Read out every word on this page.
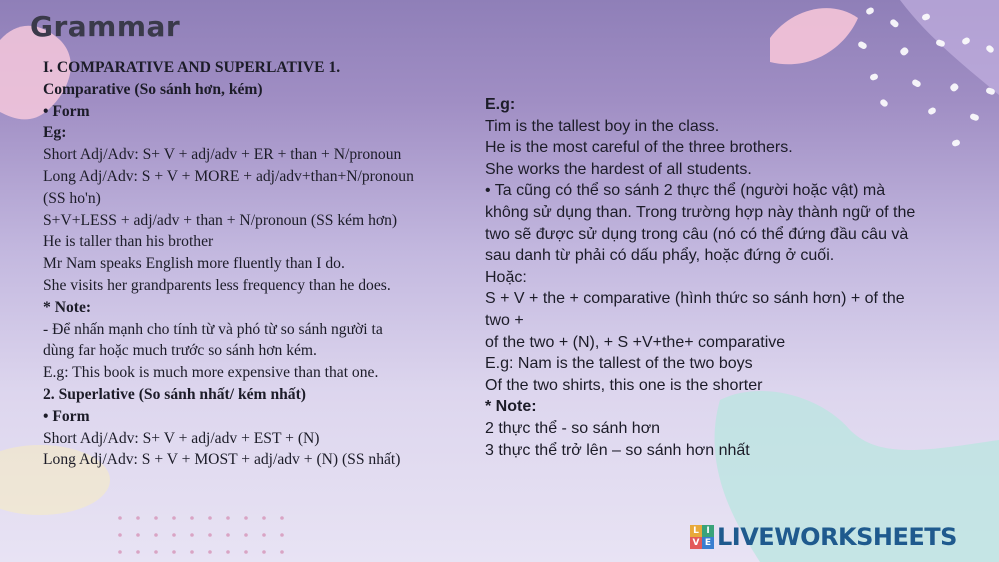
Grammar
I. COMPARATIVE AND SUPERLATIVE 1.
Comparative (So sánh hơn, kém)
• Form
Eg:
Short Adj/Adv: S+ V + adj/adv + ER + than + N/pronoun
Long Adj/Adv: S + V + MORE + adj/adv+than+N/pronoun
(SS ho'n)
S+V+LESS + adj/adv + than + N/pronoun (SS kém hơn)
He is taller than his brother
Mr Nam speaks English more fluently than I do.
She visits her grandparents less frequency than he does.
* Note:
- Để nhấn mạnh cho tính từ và phó từ so sánh người ta
dùng far hoặc much trước so sánh hơn kém.
E.g: This book is much more expensive than that one.
2. Superlative (So sánh nhất/ kém nhất)
• Form
Short Adj/Adv: S+ V + adj/adv + EST + (N)
Long Adj/Adv: S + V + MOST + adj/adv + (N) (SS nhất)
E.g:
Tim is the tallest boy in the class.
He is the most careful of the three brothers.
She works the hardest of all students.
• Ta cũng có thể so sánh 2 thực thể (người hoặc vật) mà
không sử dụng than. Trong trường hợp này thành ngữ of the
two sẽ được sử dụng trong câu (nó có thể đứng đầu câu và
sau danh từ phải có dấu phẩy, hoặc đứng ở cuối.
Hoặc:
S + V + the + comparative (hình thức so sánh hơn) + of the
two +
of the two + (N), + S +V+the+ comparative
E.g: Nam is the tallest of the two boys
Of the two shirts, this one is the shorter
* Note:
2 thực thể - so sánh hơn
3 thực thể trở lên – so sánh hơn nhất
L I
V E LIVEWORKSHEETS
